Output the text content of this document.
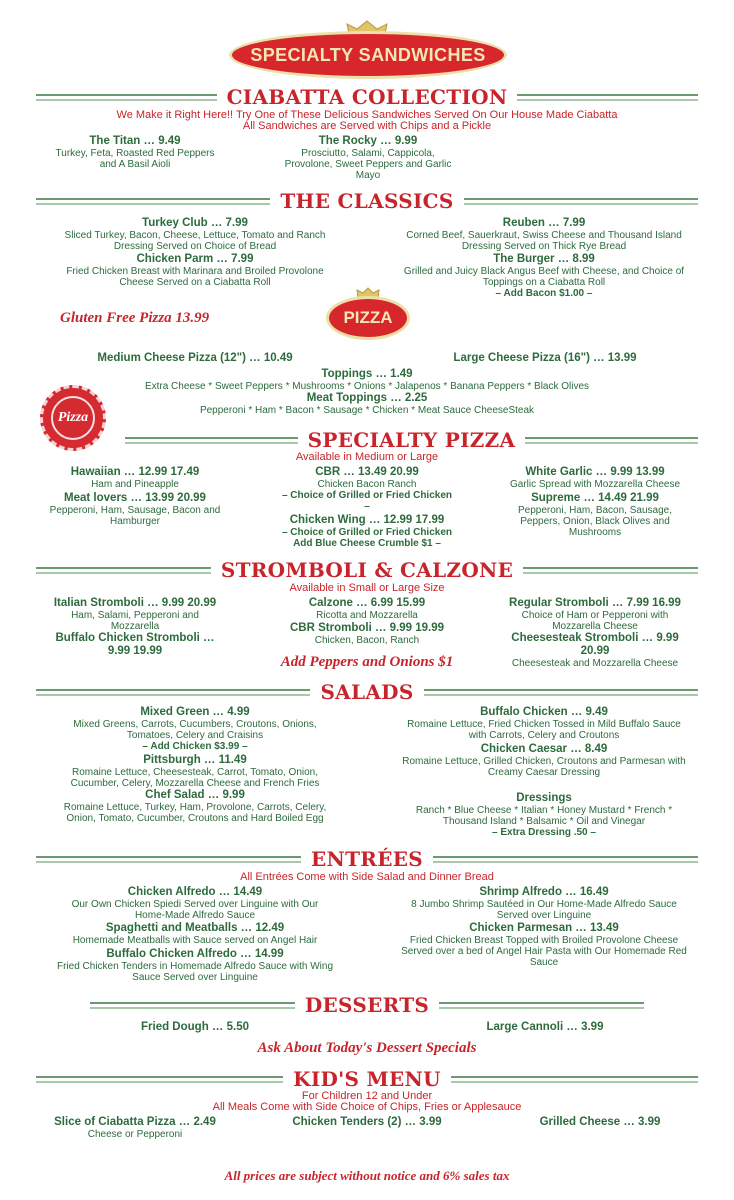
SPECIALTY SANDWICHES
CIABATTA COLLECTION
We Make it Right Here!! Try One of These Delicious Sandwiches Served On Our House Made Ciabatta
All Sandwiches are Served with Chips and a Pickle
The Titan … 9.49
Turkey, Feta, Roasted Red Peppers
and A Basil Aioli
The Rocky … 9.99
Prosciutto, Salami, Cappicola,
Provolone, Sweet Peppers and Garlic
Mayo
THE CLASSICS
Turkey Club … 7.99
Sliced Turkey, Bacon, Cheese, Lettuce, Tomato and Ranch
Dressing Served on Choice of Bread
Chicken Parm … 7.99
Fried Chicken Breast with Marinara and Broiled Provolone
Cheese Served on a Ciabatta Roll
Reuben … 7.99
Corned Beef, Sauerkraut, Swiss Cheese and Thousand Island
Dressing Served on Thick Rye Bread
The Burger … 8.99
Grilled and Juicy Black Angus Beef with Cheese, and Choice of
Toppings on a Ciabatta Roll
– Add Bacon $1.00 –
PIZZA
Gluten Free Pizza 13.99
Medium Cheese Pizza (12") … 10.49	Large Cheese Pizza (16") … 13.99
Toppings … 1.49
Extra Cheese * Sweet Peppers * Mushrooms * Onions * Jalapenos * Banana Peppers * Black Olives
Meat Toppings … 2.25
Pepperoni * Ham * Bacon * Sausage * Chicken * Meat Sauce CheeseSteak
Pizza
SPECIALTY PIZZA
Available in Medium or Large
Hawaiian … 12.99 17.49
Ham and Pineapple
Meat lovers … 13.99 20.99
Pepperoni, Ham, Sausage, Bacon and
Hamburger
CBR … 13.49 20.99
Chicken Bacon Ranch
– Choice of Grilled or Fried Chicken
–
Chicken Wing … 12.99 17.99
– Choice of Grilled or Fried Chicken
Add Blue Cheese Crumble $1 –
White Garlic … 9.99 13.99
Garlic Spread with Mozzarella Cheese
Supreme … 14.49 21.99
Pepperoni, Ham, Bacon, Sausage,
Peppers, Onion, Black Olives and
Mushrooms
STROMBOLI & CALZONE
Available in Small or Large Size
Italian Stromboli … 9.99 20.99
Ham, Salami, Pepperoni and
Mozzarella
Buffalo Chicken Stromboli …
9.99 19.99
Calzone … 6.99 15.99
Ricotta and Mozzarella
CBR Stromboli … 9.99 19.99
Chicken, Bacon, Ranch
Add Peppers and Onions $1
Regular Stromboli … 7.99 16.99
Choice of Ham or Pepperoni with
Mozzarella Cheese
Cheesesteak Stromboli … 9.99
20.99
Cheesesteak and Mozzarella Cheese
SALADS
Mixed Green … 4.99
Mixed Greens, Carrots, Cucumbers, Croutons, Onions,
Tomatoes, Celery and Craisins
– Add Chicken $3.99 –
Pittsburgh … 11.49
Romaine Lettuce, Cheesesteak, Carrot, Tomato, Onion,
Cucumber, Celery, Mozzarella Cheese and French Fries
Chef Salad … 9.99
Romaine Lettuce, Turkey, Ham, Provolone, Carrots, Celery,
Onion, Tomato, Cucumber, Croutons and Hard Boiled Egg
Buffalo Chicken … 9.49
Romaine Lettuce, Fried Chicken Tossed in Mild Buffalo Sauce
with Carrots, Celery and Croutons
Chicken Caesar … 8.49
Romaine Lettuce, Grilled Chicken, Croutons and Parmesan with
Creamy Caesar Dressing
Dressings
Ranch * Blue Cheese * Italian * Honey Mustard * French *
Thousand Island * Balsamic * Oil and Vinegar
– Extra Dressing .50 –
ENTRÉES
All Entrées Come with Side Salad and Dinner Bread
Chicken Alfredo … 14.49
Our Own Chicken Spiedi Served over Linguine with Our
Home-Made Alfredo Sauce
Spaghetti and Meatballs … 12.49
Homemade Meatballs with Sauce served on Angel Hair
Buffalo Chicken Alfredo … 14.99
Fried Chicken Tenders in Homemade Alfredo Sauce with Wing
Sauce Served over Linguine
Shrimp Alfredo … 16.49
8 Jumbo Shrimp Sautéed in Our Home-Made Alfredo Sauce
Served over Linguine
Chicken Parmesan … 13.49
Fried Chicken Breast Topped with Broiled Provolone Cheese
Served over a bed of Angel Hair Pasta with Our Homemade Red
Sauce
DESSERTS
Fried Dough … 5.50	Large Cannoli … 3.99
Ask About Today's Dessert Specials
KID'S MENU
For Children 12 and Under
All Meals Come with Side Choice of Chips, Fries or Applesauce
Slice of Ciabatta Pizza … 2.49
Cheese or Pepperoni
Chicken Tenders (2) … 3.99	Grilled Cheese … 3.99
All prices are subject without notice and 6% sales tax
